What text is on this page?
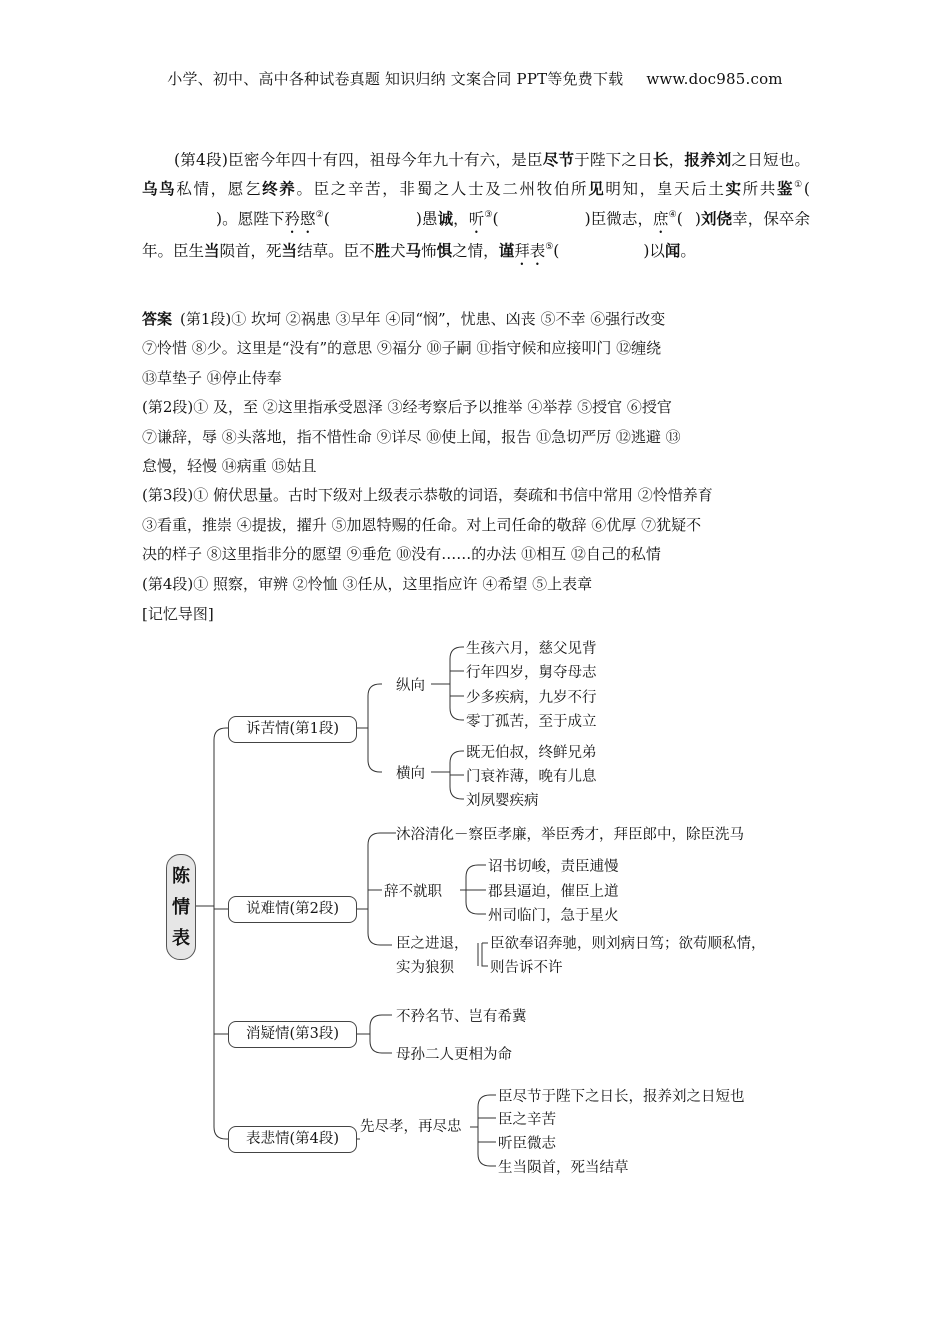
小学、初中、高中各种试卷真题 知识归纳 文案合同 PPT等免费下载 www.doc985.com
(第4段)臣密今年四十有四，祖母今年九十有六，是臣尽节于陛下之日长，报养刘之日短也。乌鸟私情，愿乞终养。臣之辛苦，非蜀之人士及二州牧伯所见明知，皇天后土实所共鉴①()。愿陛下矜愍②(	)愚诚，听③(	)臣微志，庶④( )刘侥幸，保卒余年。臣生当陨首，死当结草。臣不胜犬马怖惧之情，谨拜表⑤(	)以闻。
答案 (第1段)① 坎坷 ②祸患 ③早年 ④同“悯”，忧患、凶丧 ⑤不幸 ⑥强行改变
⑦怜惜 ⑧少。这里是“没有”的意思 ⑨福分 ⑩子嗣 ⑪指守候和应接叩门 ⑫缠绕
⑬草垫子 ⑭停止侍奉
(第2段)① 及，至 ②这里指承受恩泽 ③经考察后予以推举 ④举荐 ⑤授官 ⑥授官
⑦谦辞，辱 ⑧头落地，指不惜性命 ⑨详尽 ⑩使上闻，报告 ⑪急切严厉 ⑫逃避 ⑬
怠慢，轻慢 ⑭病重 ⑮姑且
(第3段)① 俯伏思量。古时下级对上级表示恭敬的词语，奏疏和书信中常用 ②怜惜养育
③看重，推崇 ④提拔，擢升 ⑤加恩特赐的任命。对上司任命的敬辞 ⑥优厚 ⑦犹疑不
决的样子 ⑧这里指非分的愿望 ⑨垂危 ⑩没有……的办法 ⑪相互 ⑫自己的私情
(第4段)① 照察，审辨 ②怜恤 ③任从，这里指应许 ④希望 ⑤上表章
[记忆导图]
陈
情
表
诉苦情(第1段)
纵向
生孩六月，慈父见背
行年四岁，舅夺母志
少多疾病，九岁不行
零丁孤苦，至于成立
横向
既无伯叔，终鲜兄弟
门衰祚薄，晚有儿息
刘夙婴疾病
说难情(第2段)
沐浴清化－察臣孝廉，举臣秀才，拜臣郎中，除臣洗马
辞不就职
诏书切峻，责臣逋慢
郡县逼迫，催臣上道
州司临门，急于星火
臣之进退，
实为狼狈
臣欲奉诏奔驰，则刘病日笃；欲苟顺私情，
则告诉不许
消疑情(第3段)
不矜名节、岂有希冀
母孙二人更相为命
表悲情(第4段)
先尽孝，再尽忠
臣尽节于陛下之日长，报养刘之日短也
臣之辛苦
听臣微志
生当陨首，死当结草
